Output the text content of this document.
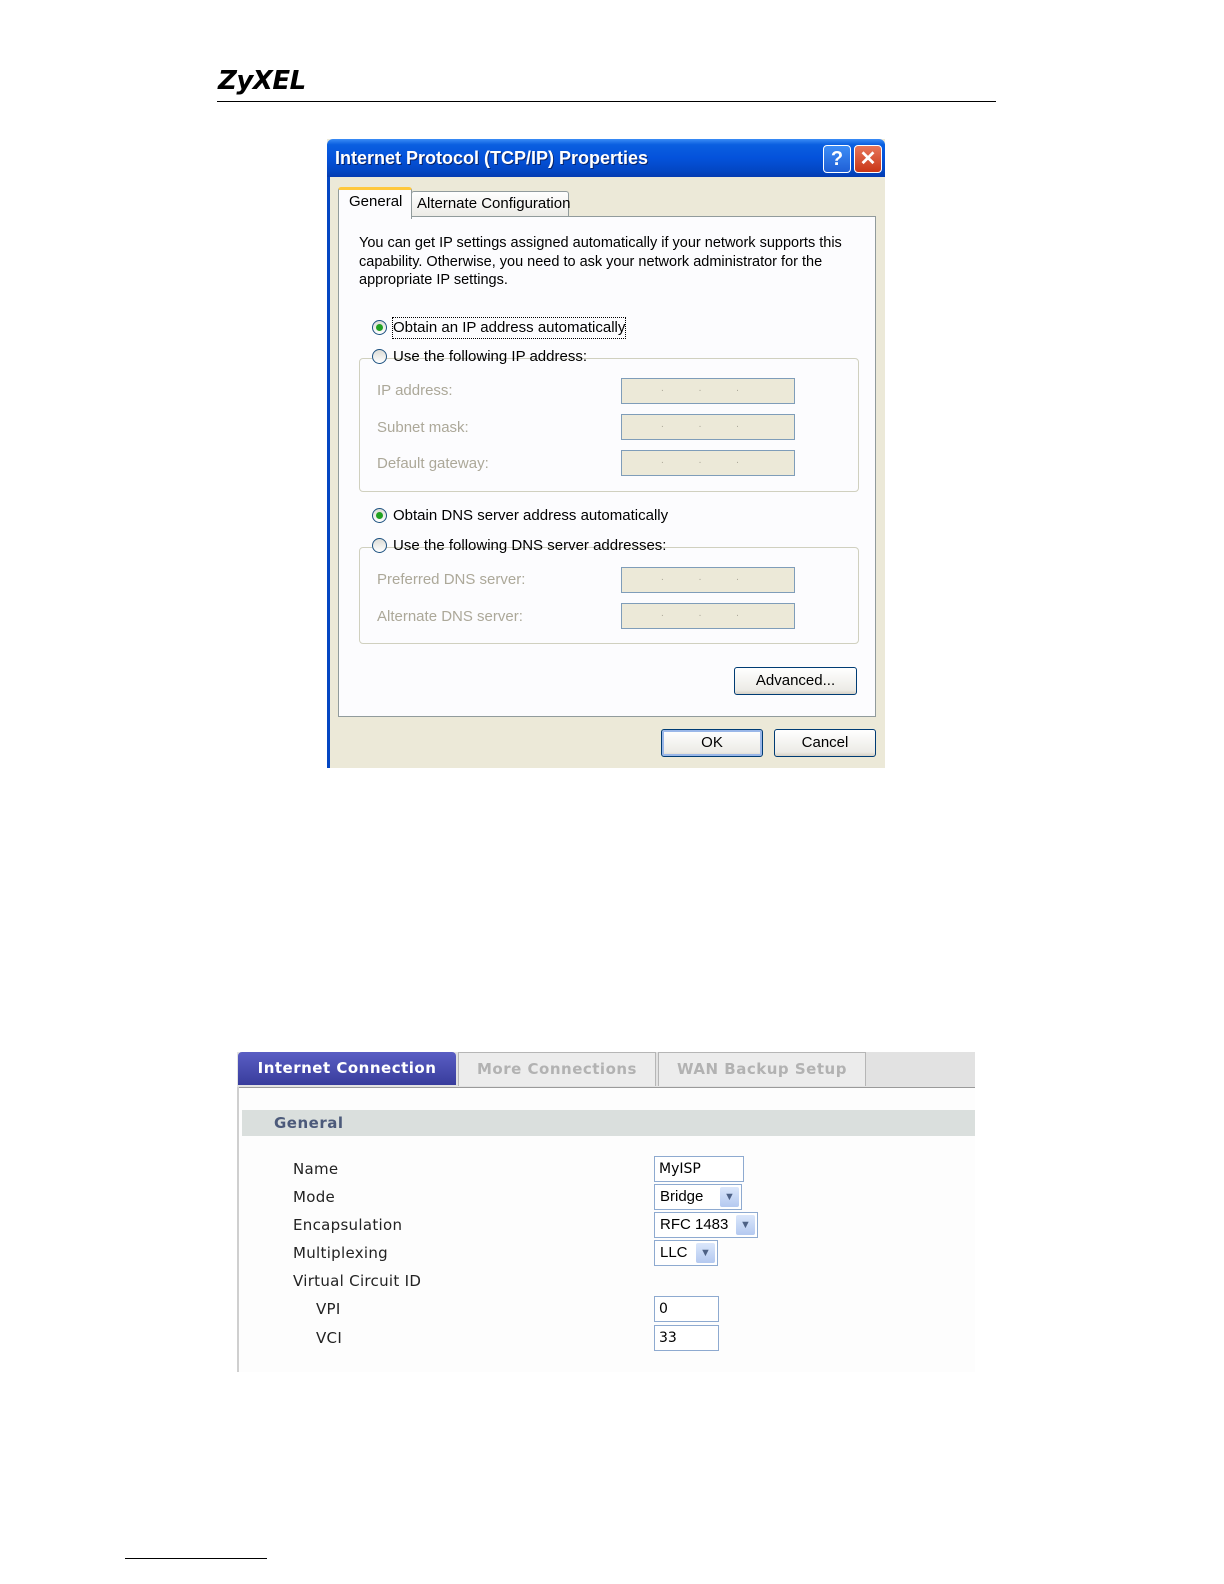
ZyXEL
Internet Protocol (TCP/IP) Properties	? ✕
General Alternate Configuration
You can get IP settings assigned automatically if your network supports this capability. Otherwise, you need to ask your network administrator for the appropriate IP settings.
Obtain an IP address automatically
Use the following IP address:
IP address:	. . .
Subnet mask:	. . .
Default gateway:	. . .
Obtain DNS server address automatically
Use the following DNS server addresses:
Preferred DNS server:	. . .
Alternate DNS server:	. . .
Advanced...
OK	Cancel
Internet Connection	More Connections	WAN Backup Setup
General
Name	MyISP
Mode	Bridge	▼
Encapsulation	RFC 1483	▼
Multiplexing	LLC	▼
Virtual Circuit ID
VPI	0
VCI	33
